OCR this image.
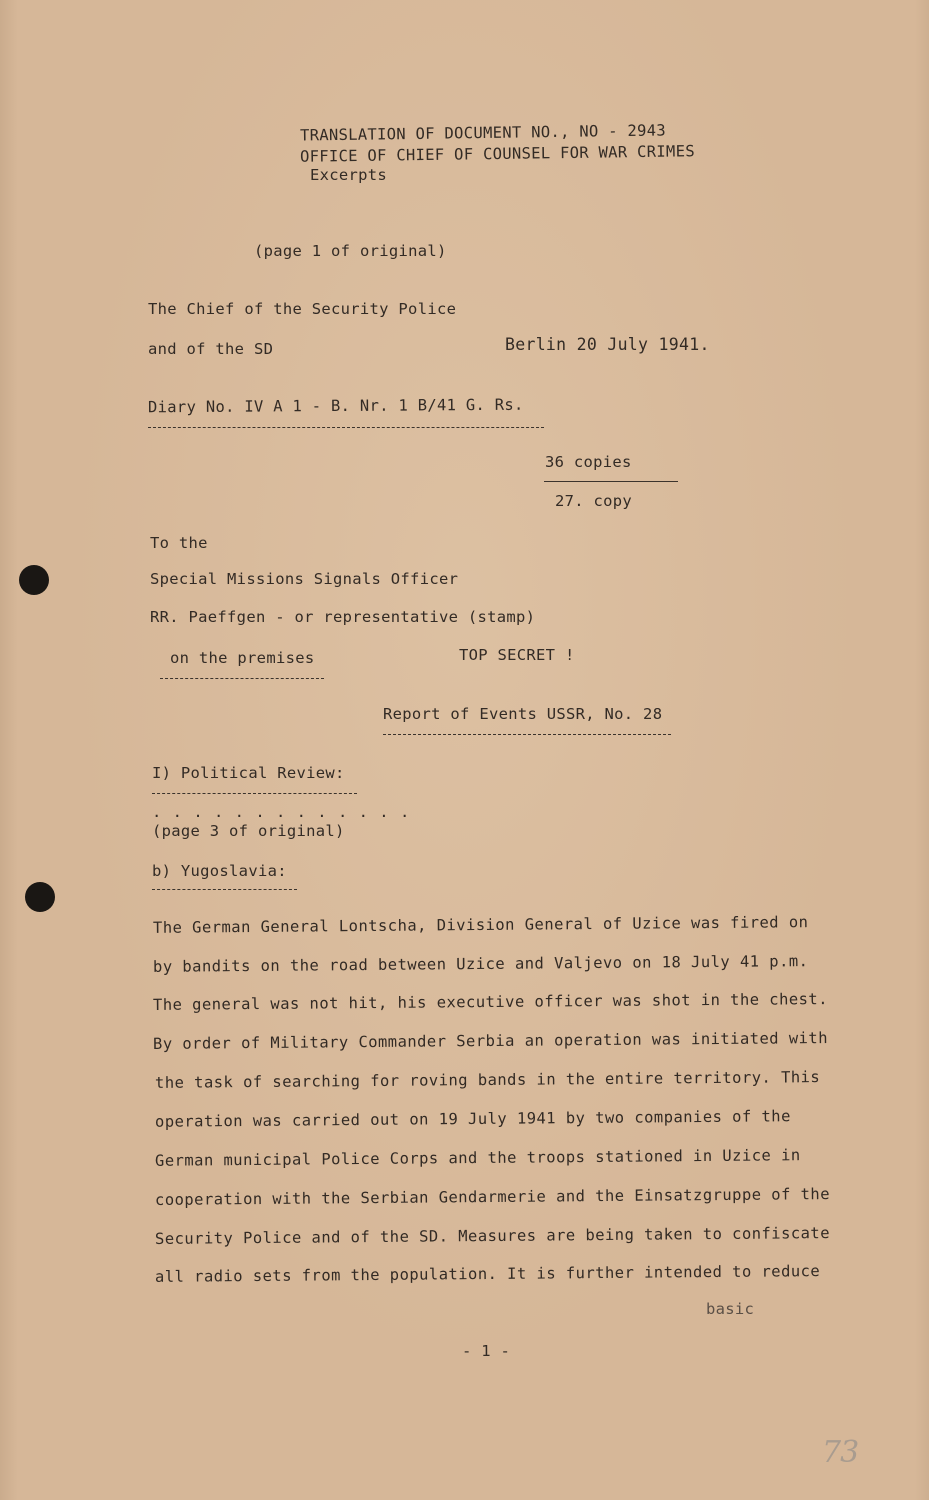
TRANSLATION OF DOCUMENT NO., NO - 2943
OFFICE OF CHIEF OF COUNSEL FOR WAR CRIMES
Excerpts
(page 1 of original)
The Chief of the Security Police
and of the SD	Berlin 20 July 1941.
Diary No. IV A 1 - B. Nr. 1 B/41 G. Rs.
36 copies
27. copy
To the
Special Missions Signals Officer
RR. Paeffgen - or representative (stamp)
on the premises	TOP SECRET !
Report of Events USSR, No. 28
I) Political Review:
. . . . . . . . . . . . .
(page 3 of original)
b) Yugoslavia:
The German General Lontscha, Division General of Uzice was fired on
by bandits on the road between Uzice and Valjevo on 18 July 41 p.m.
The general was not hit, his executive officer was shot in the chest.
By order of Military Commander Serbia an operation was initiated with
the task of searching for roving bands in the entire territory. This
operation was carried out on 19 July 1941 by two companies of the
German municipal Police Corps and the troops stationed in Uzice in
cooperation with the Serbian Gendarmerie and the Einsatzgruppe of the
Security Police and of the SD. Measures are being taken to confiscate
all radio sets from the population. It is further intended to reduce
basic
- 1 -
73
